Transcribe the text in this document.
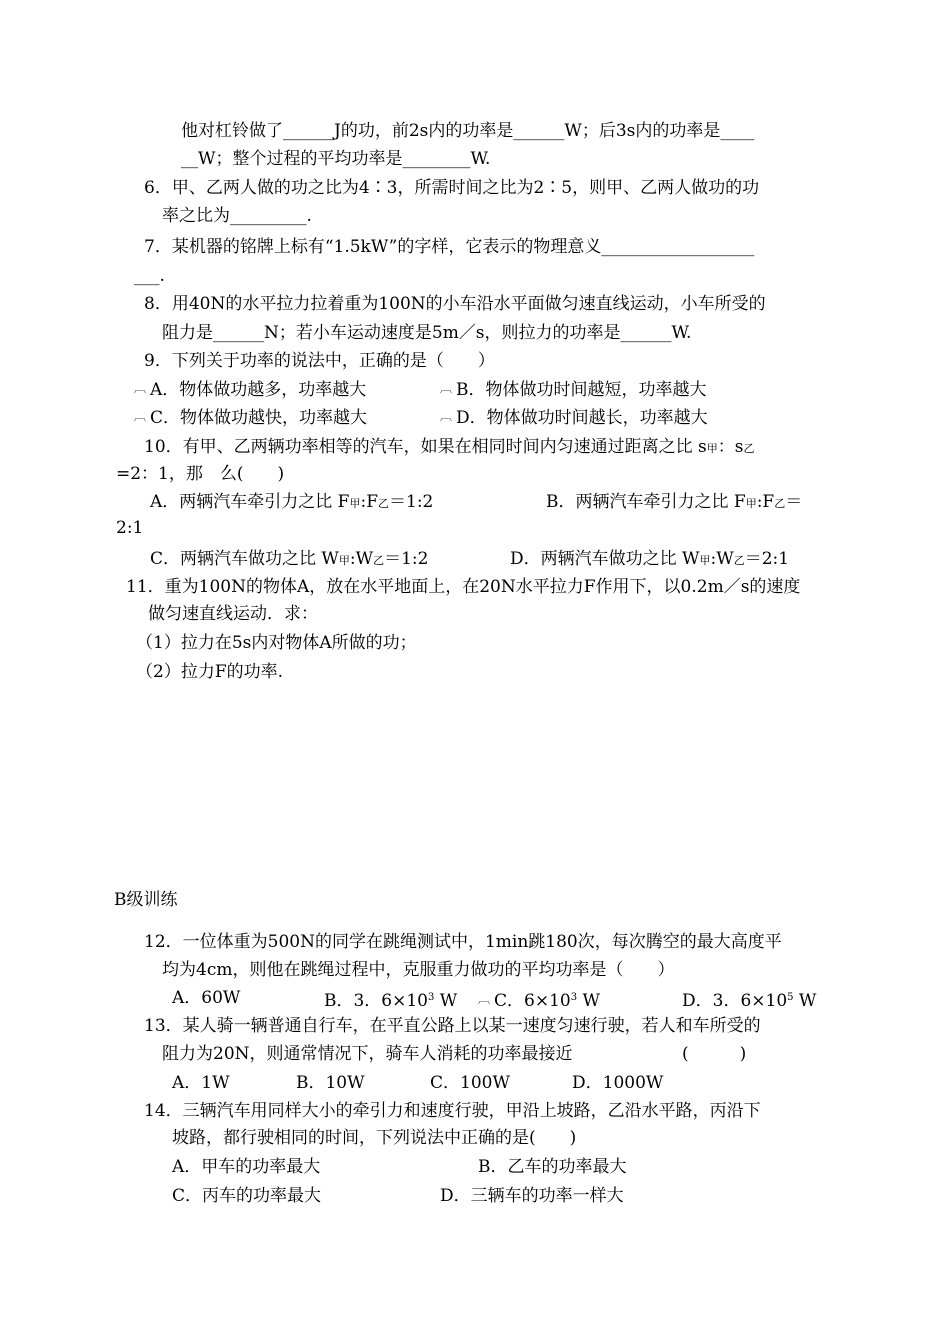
他对杠铃做了______J的功，前2s内的功率是______W；后3s内的功率是____
__W；整个过程的平均功率是________W.
6．甲、乙两人做的功之比为4∶3，所需时间之比为2∶5，则甲、乙两人做功的功
率之比为_________.
7．某机器的铭牌上标有“1.5kW”的字样，它表示的物理意义__________________
___.
8．用40N的水平拉力拉着重为100N的小车沿水平面做匀速直线运动，小车所受的
阻力是______N；若小车运动速度是5m／s，则拉力的功率是______W.
9．下列关于功率的说法中，正确的是（　　）
︹ A．物体做功越多，功率越大	︹ B．物体做功时间越短，功率越大
︹ C．物体做功越快，功率越大	︹ D．物体做功时间越长，功率越大
10．有甲、乙两辆功率相等的汽车，如果在相同时间内匀速通过距离之比 s甲：s乙
=2：1，那　么(　　)
A．两辆汽车牵引力之比 F甲:F乙＝1:2	B．两辆汽车牵引力之比 F甲:F乙＝
2:1
C．两辆汽车做功之比 W甲:W乙＝1:2	D．两辆汽车做功之比 W甲:W乙＝2:1
11．重为100N的物体A，放在水平地面上，在20N水平拉力F作用下，以0.2m／s的速度
做匀速直线运动．求：
（1）拉力在5s内对物体A所做的功；
（2）拉力F的功率.
B级训练
12．一位体重为500N的同学在跳绳测试中，1min跳180次，每次腾空的最大高度平
均为4cm，则他在跳绳过程中，克服重力做功的平均功率是（　　）
A．60W	B．3．$6\times 10^3$ W ︹ C．$6\times 10^3$ W	D．3．$6\times 10^5$ W
13．某人骑一辆普通自行车，在平直公路上以某一速度匀速行驶，若人和车所受的
阻力为20N，则通常情况下，骑车人消耗的功率最接近	(　　　)
A．1W	B．10W	C．100W	D．1000W
14．三辆汽车用同样大小的牵引力和速度行驶，甲沿上坡路，乙沿水平路，丙沿下
坡路，都行驶相同的时间，下列说法中正确的是(　　)
A．甲车的功率最大	B．乙车的功率最大
C．丙车的功率最大	D．三辆车的功率一样大
